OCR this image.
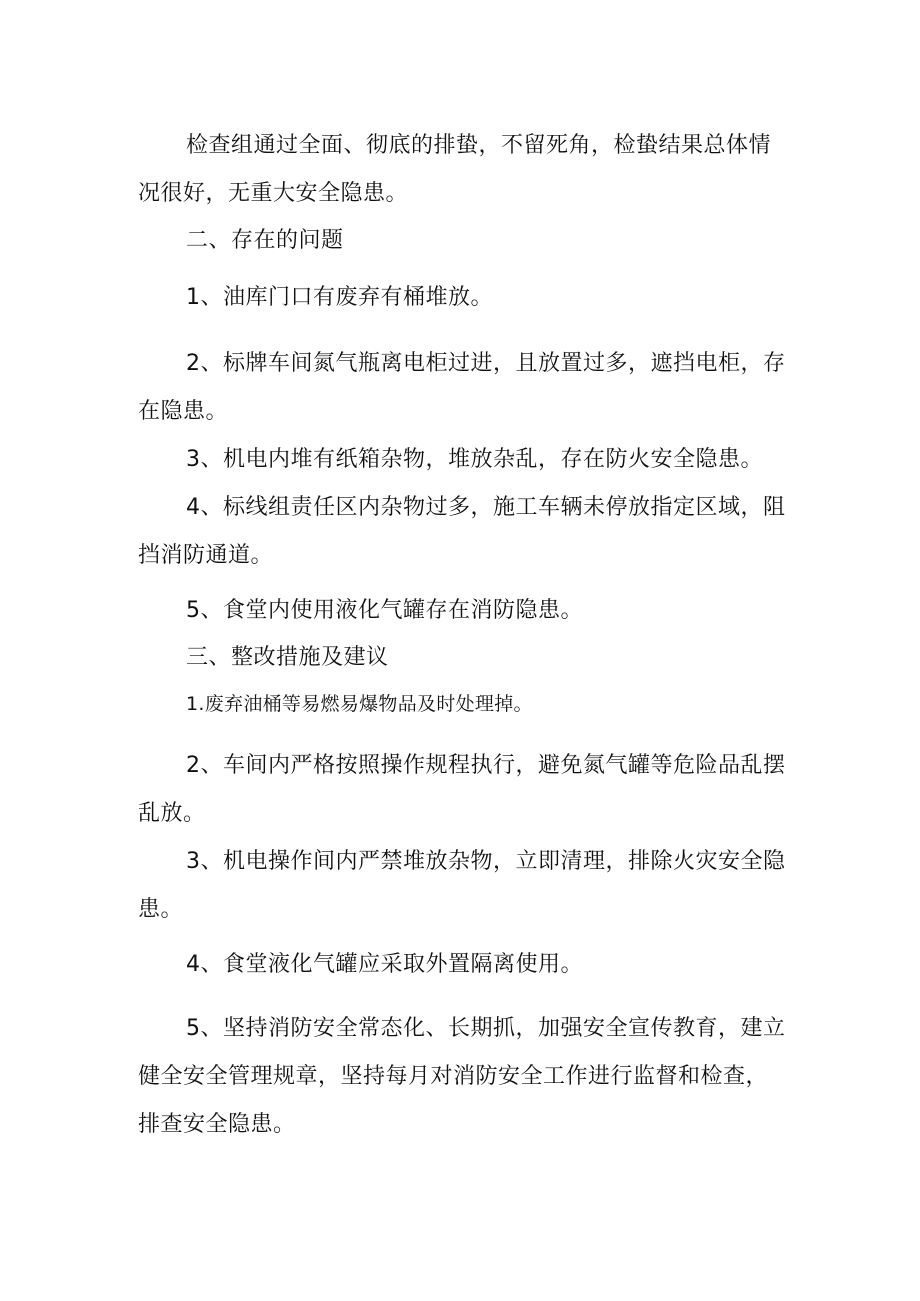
检查组通过全面、彻底的排蛰，不留死角，检蛰结果总体情况很好，无重大安全隐患。

二、存在的问题

1、油库门口有废弃有桶堆放。

2、标牌车间氮气瓶离电柜过进，且放置过多，遮挡电柜，存在隐患。

3、机电内堆有纸箱杂物，堆放杂乱，存在防火安全隐患。

4、标线组责任区内杂物过多，施工车辆未停放指定区域，阻挡消防通道。

5、食堂内使用液化气罐存在消防隐患。

三、整改措施及建议

1.废弃油桶等易燃易爆物品及时处理掉。

2、车间内严格按照操作规程执行，避免氮气罐等危险品乱摆乱放。

3、机电操作间内严禁堆放杂物，立即清理，排除火灾安全隐患。

4、食堂液化气罐应采取外置隔离使用。

5、坚持消防安全常态化、长期抓，加强安全宣传教育，建立健全安全管理规章，坚持每月对消防安全工作进行监督和检查，排查安全隐患。
